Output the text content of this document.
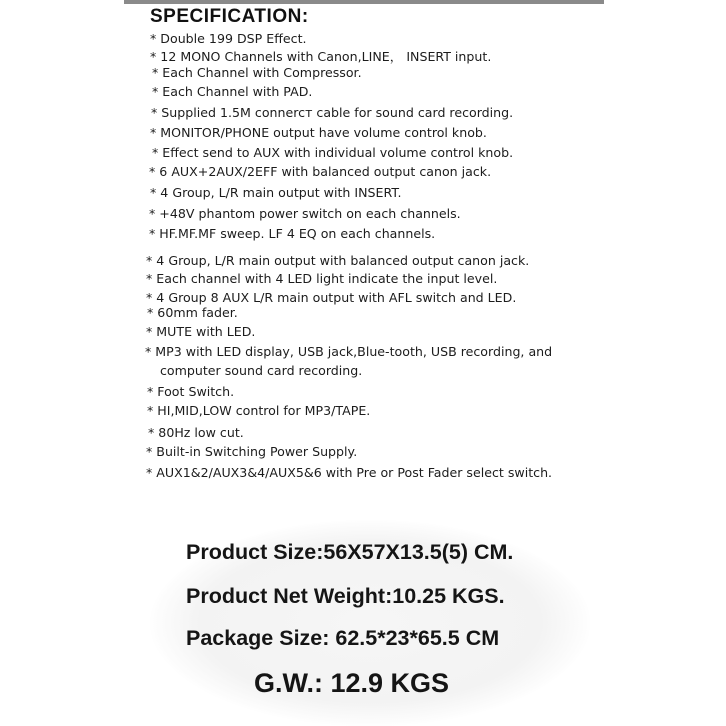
SPECIFICATION:
* Double 199 DSP Effect.
* 12 MONO Channels with Canon,LINE， INSERT input.
* Each Channel with Compressor.
* Each Channel with PAD.
* Supplied 1.5M connercт cable for sound card recording.
* MONITOR/PHONE output have volume control knob.
* Effect send to AUX with individual volume control knob.
* 6 AUX+2AUX/2EFF with balanced output canon jack.
* 4 Group, L/R main output with INSERT.
* +48V phantom power switch on each channels.
* HF.MF.MF sweep. LF 4 EQ on each channels.
* 4 Group, L/R main output with balanced output canon jack.
* Each channel with 4 LED light indicate the input level.
* 4 Group 8 AUX L/R main output with AFL switch and LED.
* 60mm fader.
* MUTE with LED.
* MP3 with LED display, USB jack,Blue-tooth, USB recording, and
computer sound card recording.
* Foot Switch.
* HI,MID,LOW control for MP3/TAPE.
* 80Hz low cut.
* Built-in Switching Power Supply.
* AUX1&2/AUX3&4/AUX5&6 with Pre or Post Fader select switch.
Product Size:56X57X13.5(5) CM.
Product Net Weight:10.25 KGS.
Package Size: 62.5*23*65.5 CM
G.W.: 12.9 KGS
